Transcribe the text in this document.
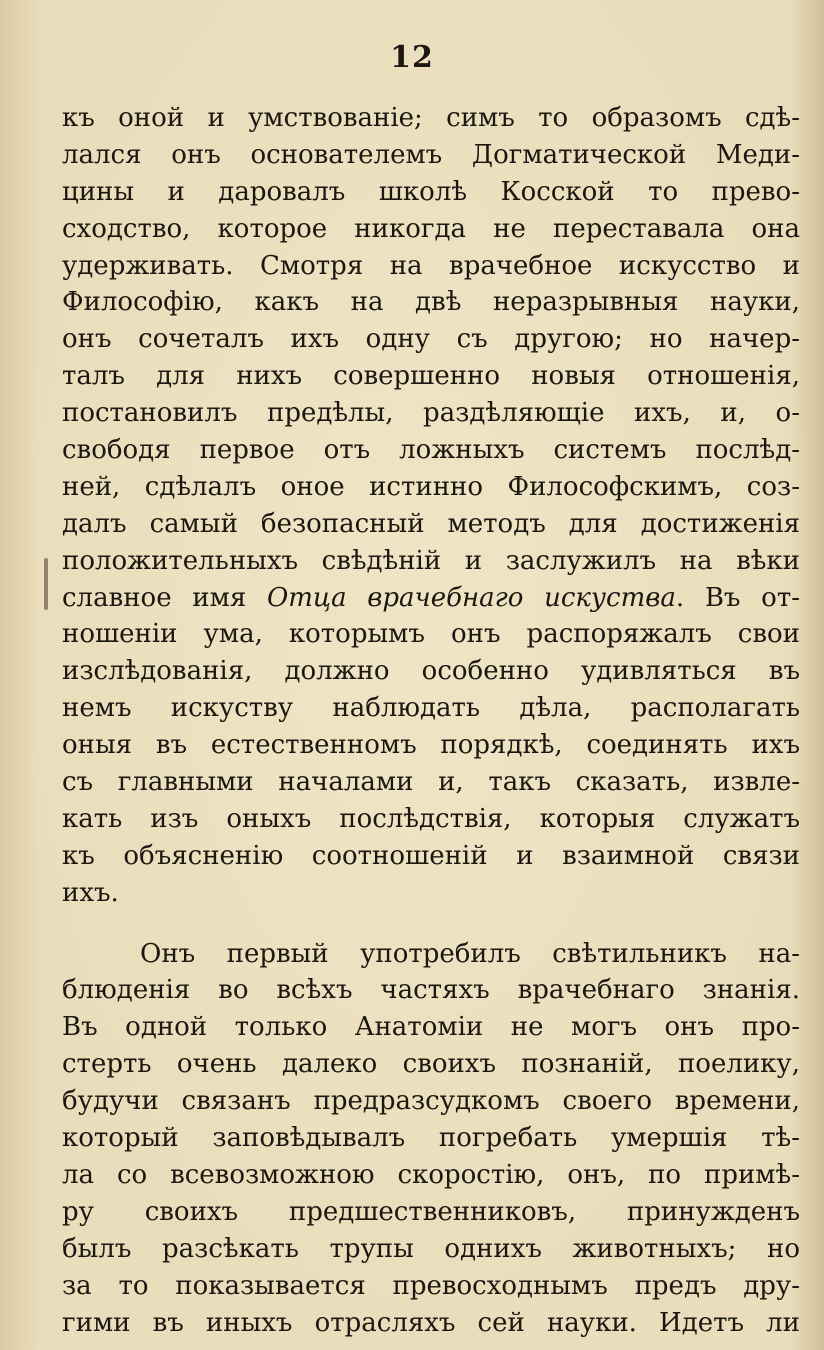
12
къ оной и умствованіе; симъ то образомъ сдѣ-
лался онъ основателемъ Догматической Меди-
цины и даровалъ школѣ Косской то прево-
сходство, которое никогда не переставала она
удерживать. Смотря на врачебное искусство и
Философію, какъ на двѣ неразрывныя науки,
онъ сочеталъ ихъ одну съ другою; но начер-
талъ для нихъ совершенно новыя отношенія,
постановилъ предѣлы, раздѣляющіе ихъ, и, о-
свободя первое отъ ложныхъ системъ послѣд-
ней, сдѣлалъ оное истинно Философскимъ, соз-
далъ самый безопасный методъ для достиженія
положительныхъ свѣдѣній и заслужилъ на вѣки
славное имя Отца врачебнаго искуства. Въ от-
ношеніи ума, которымъ онъ распоряжалъ свои
изслѣдованія, должно особенно удивляться въ
немъ искуству наблюдать дѣла, располагать
оныя въ естественномъ порядкѣ, соединять ихъ
съ главными началами и, такъ сказать, извле-
кать изъ оныхъ послѣдствія, которыя служатъ
къ объясненію соотношеній и взаимной связи
ихъ.
Онъ первый употребилъ свѣтильникъ на-
блюденія во всѣхъ частяхъ врачебнаго знанія.
Въ одной только Анатоміи не могъ онъ про-
стерть очень далеко своихъ познаній, поелику,
будучи связанъ предразсудкомъ своего времени,
который заповѣдывалъ погребать умершія тѣ-
ла со всевозможною скоростію, онъ, по примѣ-
ру своихъ предшественниковъ, принужденъ
былъ разсѣкать трупы однихъ животныхъ; но
за то показывается превосходнымъ предъ дру-
гими въ иныхъ отрасляхъ сей науки. Идетъ ли
